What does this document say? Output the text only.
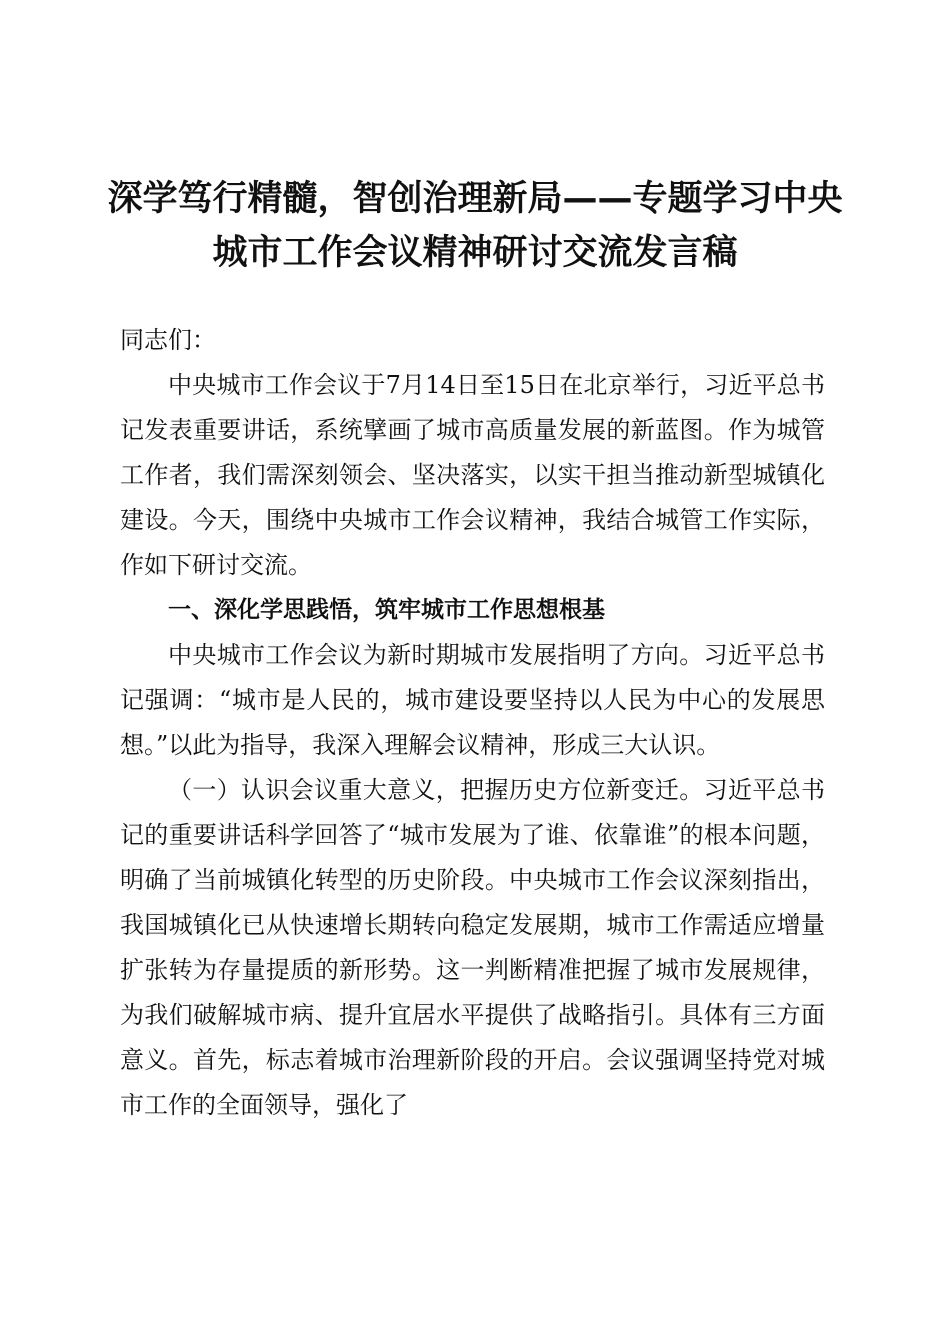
深学笃行精髓，智创治理新局——专题学习中央城市工作会议精神研讨交流发言稿

同志们：

中央城市工作会议于7月14日至15日在北京举行，习近平总书记发表重要讲话，系统擘画了城市高质量发展的新蓝图。作为城管工作者，我们需深刻领会、坚决落实，以实干担当推动新型城镇化建设。今天，围绕中央城市工作会议精神，我结合城管工作实际，作如下研讨交流。

一、深化学思践悟，筑牢城市工作思想根基

中央城市工作会议为新时期城市发展指明了方向。习近平总书记强调：“城市是人民的，城市建设要坚持以人民为中心的发展思想。”以此为指导，我深入理解会议精神，形成三大认识。

（一）认识会议重大意义，把握历史方位新变迁。习近平总书记的重要讲话科学回答了“城市发展为了谁、依靠谁”的根本问题，明确了当前城镇化转型的历史阶段。中央城市工作会议深刻指出，我国城镇化已从快速增长期转向稳定发展期，城市工作需适应增量扩张转为存量提质的新形势。这一判断精准把握了城市发展规律，为我们破解城市病、提升宜居水平提供了战略指引。具体有三方面意义。首先，标志着城市治理新阶段的开启。会议强调坚持党对城市工作的全面领导，强化了
